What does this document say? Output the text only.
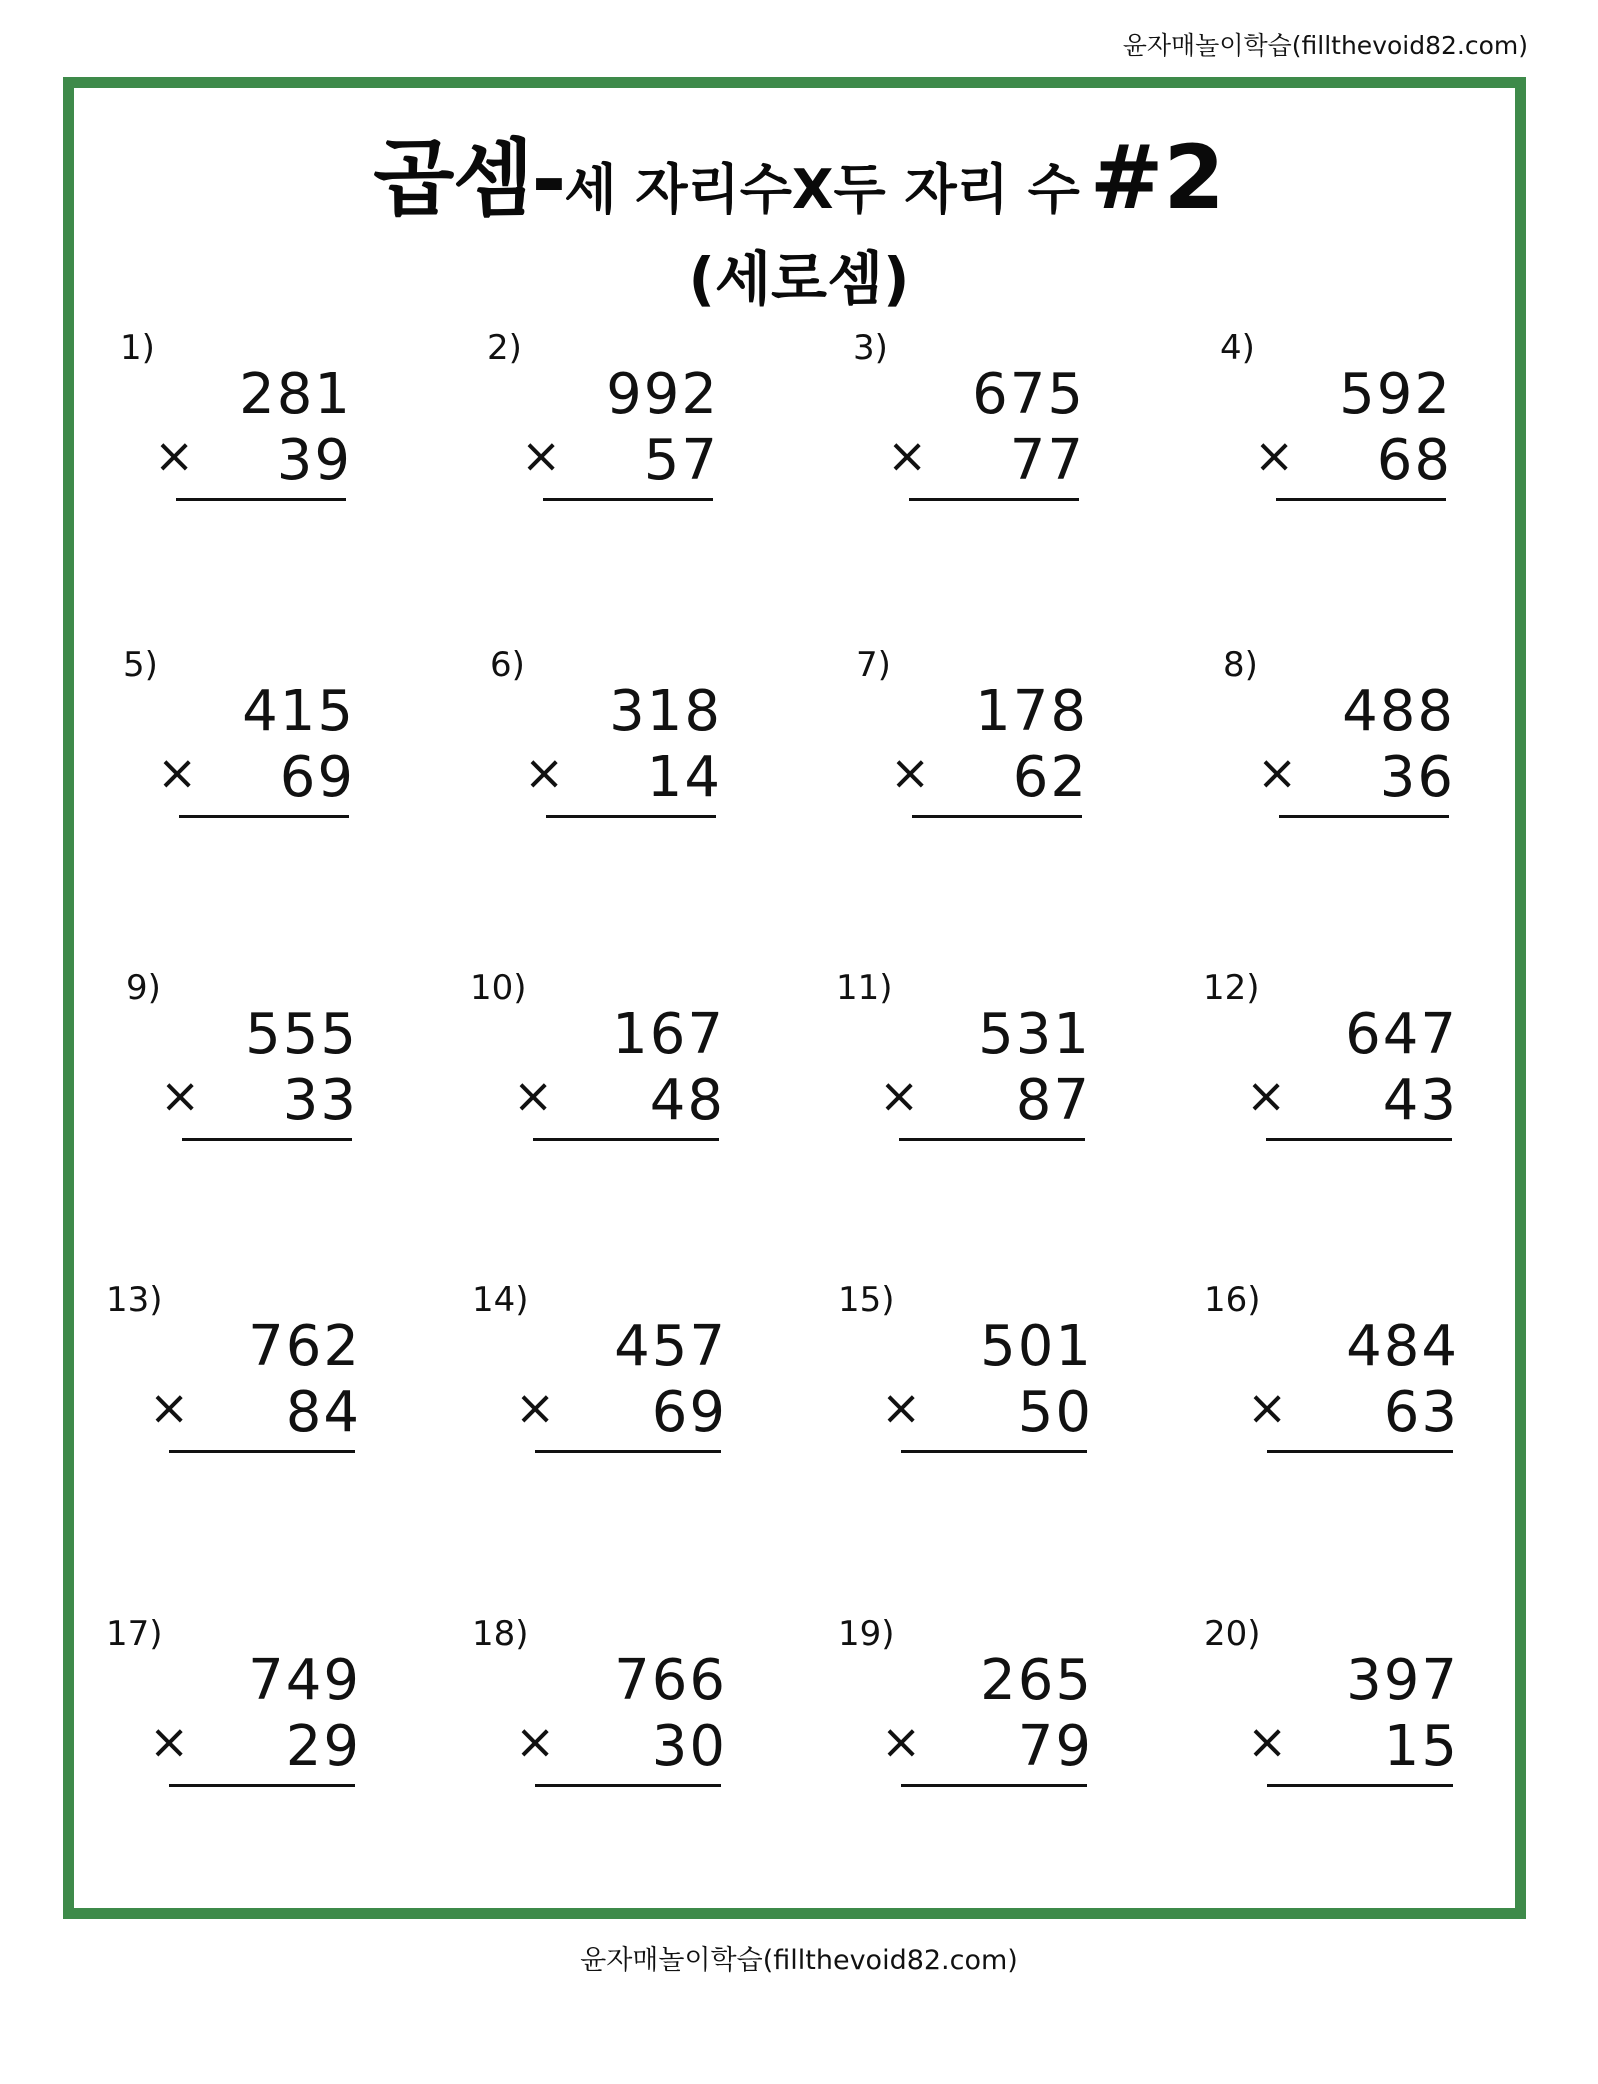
윤자매놀이학습(fillthevoid82.com)
곱셈-세 자리수X두 자리 수 #2
(세로셈)
1)
281
× 39
2)
992
× 57
3)
675
× 77
4)
592
× 68
5)
415
× 69
6)
318
× 14
7)
178
× 62
8)
488
× 36
9)
555
× 33
10)
167
× 48
11)
531
× 87
12)
647
× 43
13)
762
× 84
14)
457
× 69
15)
501
× 50
16)
484
× 63
17)
749
× 29
18)
766
× 30
19)
265
× 79
20)
397
× 15
윤자매놀이학습(fillthevoid82.com)
